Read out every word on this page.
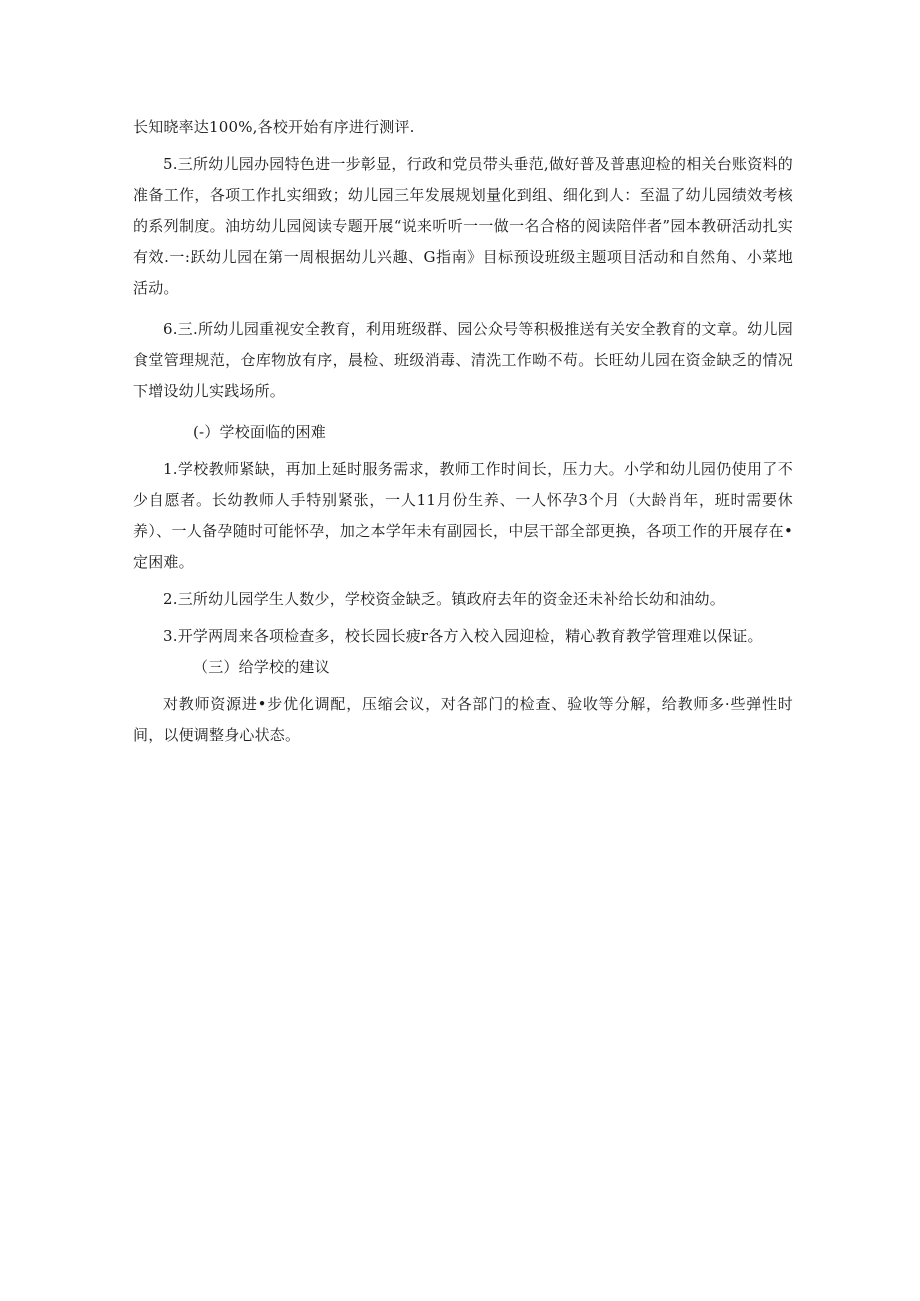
长知晓率达100%,各校开始有序进行测评.

5.三所幼儿园办园特色进一步彰显，行政和党员带头垂范,做好普及普惠迎检的相关台账资料的准备工作，各项工作扎实细致；幼儿园三年发展规划量化到组、细化到人：至温了幼儿园绩效考核的系列制度。油坊幼儿园阅读专题开展“说来听听一一做一名合格的阅读陪伴者”园本教研活动扎实有效.一:跃幼儿园在第一周根据幼儿兴趣、G指南》目标预设班级主题项目活动和自然角、小菜地活动。

6.三.所幼儿园重视安全教育，利用班级群、园公众号等积极推送有关安全教育的文章。幼儿园食堂管理规范，仓库物放有序，晨检、班级消毒、清洗工作呦不苟。长旺幼儿园在资金缺乏的情况下增设幼儿实践场所。

(-）学校面临的困难

1.学校教师紧缺，再加上延时服务需求，教师工作时间长，压力大。小学和幼儿园仍使用了不少自愿者。长幼教师人手特别紧张，一人11月份生养、一人怀孕3个月（大龄肖年，班时需要休养）、一人备孕随时可能怀孕，加之本学年未有副园长，中层干部全部更换，各项工作的开展存在•定困难。

2.三所幼儿园学生人数少，学校资金缺乏。镇政府去年的资金还未补给长幼和油幼。

3.开学两周来各项检查多，校长园长疲r各方入校入园迎检，精心教育教学管理难以保证。

（三）给学校的建议

对教师资源进•步优化调配，压缩会议，对各部门的检查、验收等分解，给教师多·些弹性时间，以便调整身心状态。
